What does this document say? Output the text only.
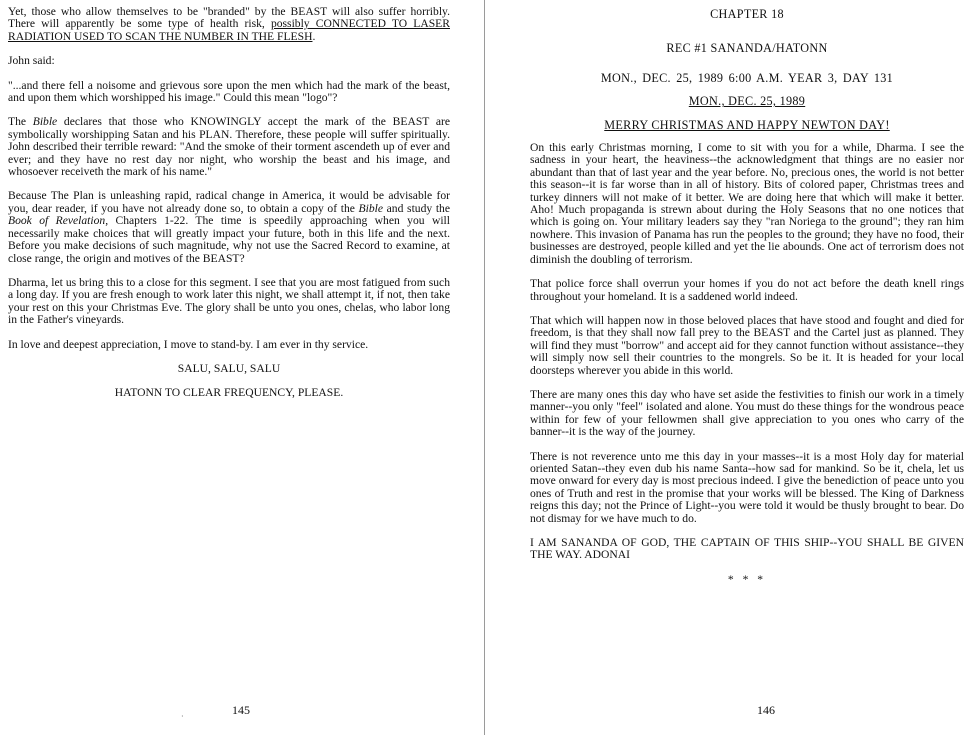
Yet, those who allow themselves to be "branded" by the BEAST will also suffer horribly. There will apparently be some type of health risk, possibly CONNECTED TO LASER RADIATION USED TO SCAN THE NUMBER IN THE FLESH.

John said:

"...and there fell a noisome and grievous sore upon the men which had the mark of the beast, and upon them which worshipped his image." Could this mean "logo"?

The Bible declares that those who KNOWINGLY accept the mark of the BEAST are symbolically worshipping Satan and his PLAN. Therefore, these people will suffer spiritually. John described their terrible reward: "And the smoke of their torment ascendeth up of ever and ever; and they have no rest day nor night, who worship the beast and his image, and whosoever receiveth the mark of his name."

Because The Plan is unleashing rapid, radical change in America, it would be advisable for you, dear reader, if you have not already done so, to obtain a copy of the Bible and study the Book of Revelation, Chapters 1-22. The time is speedily approaching when you will necessarily make choices that will greatly impact your future, both in this life and the next. Before you make decisions of such magnitude, why not use the Sacred Record to examine, at close range, the origin and motives of the BEAST?

Dharma, let us bring this to a close for this segment. I see that you are most fatigued from such a long day. If you are fresh enough to work later this night, we shall attempt it, if not, then take your rest on this your Christmas Eve. The glory shall be unto you ones, chelas, who labor long in the Father's vineyards.

In love and deepest appreciation, I move to stand-by. I am ever in thy service.

SALU, SALU, SALU

HATONN TO CLEAR FREQUENCY, PLEASE.

·	145

CHAPTER 18

REC #1 SANANDA/HATONN

MON., DEC. 25, 1989 6:00 A.M. YEAR 3, DAY 131

MON., DEC. 25, 1989

MERRY CHRISTMAS AND HAPPY NEWTON DAY!

On this early Christmas morning, I come to sit with you for a while, Dharma. I see the sadness in your heart, the heaviness--the acknowledgment that things are no easier nor abundant than that of last year and the year before. No, precious ones, the world is not better this season--it is far worse than in all of history. Bits of colored paper, Christmas trees and turkey dinners will not make of it better. We are doing here that which will make it better. Aho! Much propaganda is strewn about during the Holy Seasons that no one notices that which is going on. Your military leaders say they "ran Noriega to the ground"; they ran him nowhere. This invasion of Panama has run the peoples to the ground; they have no food, their businesses are destroyed, people killed and yet the lie abounds. One act of terrorism does not diminish the doubling of terrorism.

That police force shall overrun your homes if you do not act before the death knell rings throughout your homeland. It is a saddened world indeed.

That which will happen now in those beloved places that have stood and fought and died for freedom, is that they shall now fall prey to the BEAST and the Cartel just as planned. They will find they must "borrow" and accept aid for they cannot function without assistance--they will simply now sell their countries to the mongrels. So be it. It is headed for your local doorsteps wherever you abide in this world.

There are many ones this day who have set aside the festivities to finish our work in a timely manner--you only "feel" isolated and alone. You must do these things for the wondrous peace within for few of your fellowmen shall give appreciation to you ones who carry of the banner--it is the way of the journey.

There is not reverence unto me this day in your masses--it is a most Holy day for material oriented Satan--they even dub his name Santa--how sad for mankind. So be it, chela, let us move onward for every day is most precious indeed. I give the benediction of peace unto you ones of Truth and rest in the promise that your works will be blessed. The King of Darkness reigns this day; not the Prince of Light--you were told it would be thusly brought to bear. Do not dismay for we have much to do.

I AM SANANDA OF GOD, THE CAPTAIN OF THIS SHIP--YOU SHALL BE GIVEN THE WAY. ADONAI

* * *

146
